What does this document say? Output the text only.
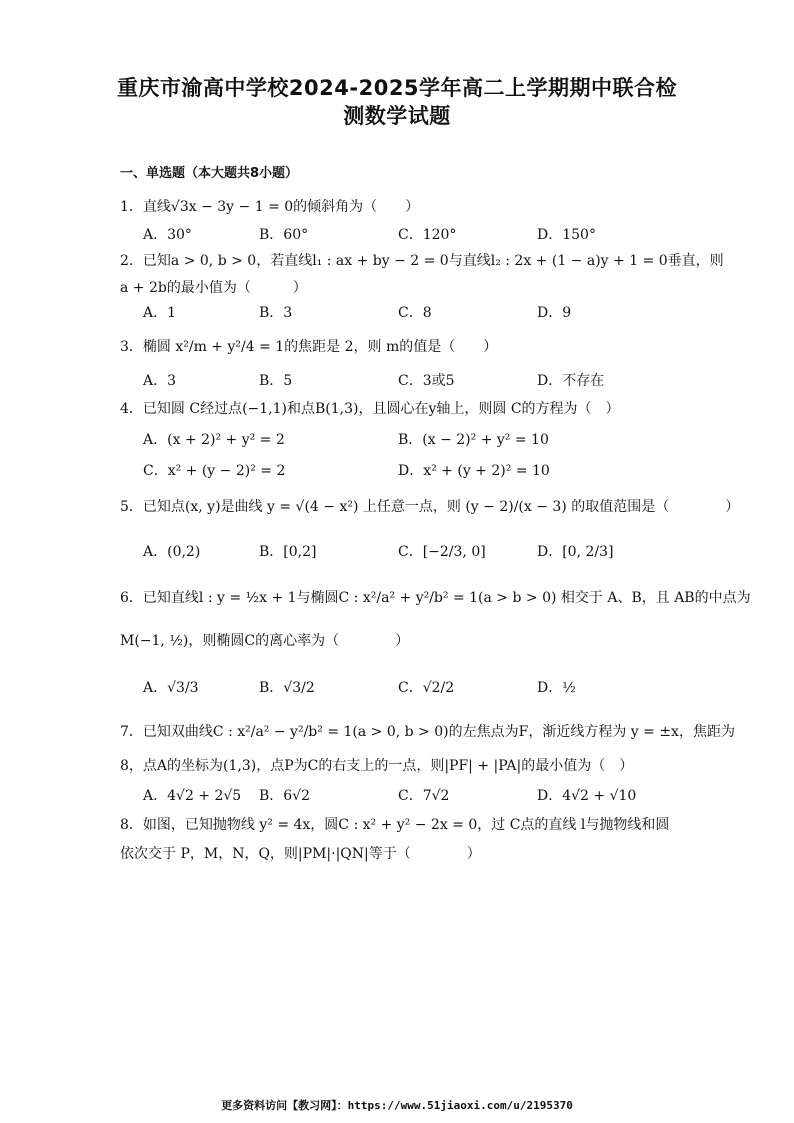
重庆市渝高中学校2024-2025学年高二上学期期中联合检
测数学试题
一、单选题（本大题共8小题）
1．直线√3x − 3y − 1 = 0的倾斜角为（　　）
A．30°	B．60°	C．120°	D．150°
2．已知a > 0, b > 0，若直线l₁ : ax + by − 2 = 0与直线l₂ : 2x + (1 − a)y + 1 = 0垂直，则
a + 2b的最小值为（　　　）
A．1	B．3	C．8	D．9
3．椭圆 x²/m + y²/4 = 1的焦距是 2，则 m的值是（　　）
A．3	B．5	C．3或5	D．不存在
4．已知圆 C经过点(−1,1)和点B(1,3)，且圆心在y轴上，则圆 C的方程为（　）
A．(x + 2)² + y² = 2	B．(x − 2)² + y² = 10
C．x² + (y − 2)² = 2	D．x² + (y + 2)² = 10
5．已知点(x, y)是曲线 y = √(4 − x²) 上任意一点，则 (y − 2)/(x − 3) 的取值范围是（　　　　）
A．(0,2)	B．[0,2]	C．[−2/3, 0]	D．[0, 2/3]
6．已知直线l : y = ½x + 1与椭圆C : x²/a² + y²/b² = 1(a > b > 0) 相交于 A、B，且 AB的中点为
M(−1, ½)，则椭圆C的离心率为（　　　　）
A．√3/3	B．√3/2	C．√2/2	D．½
7．已知双曲线C : x²/a² − y²/b² = 1(a > 0, b > 0)的左焦点为F，渐近线方程为 y = ±x，焦距为
8，点A的坐标为(1,3)，点P为C的右支上的一点，则|PF| + |PA|的最小值为（　）
A．4√2 + 2√5 B．6√2	C．7√2	D．4√2 + √10
8．如图，已知抛物线 y² = 4x，圆C : x² + y² − 2x = 0，过 C点的直线 l与抛物线和圆
依次交于 P，M，N，Q，则|PM|·|QN|等于（　　　　）
更多资料访问【教习网】：https://www.51jiaoxi.com/u/2195370
